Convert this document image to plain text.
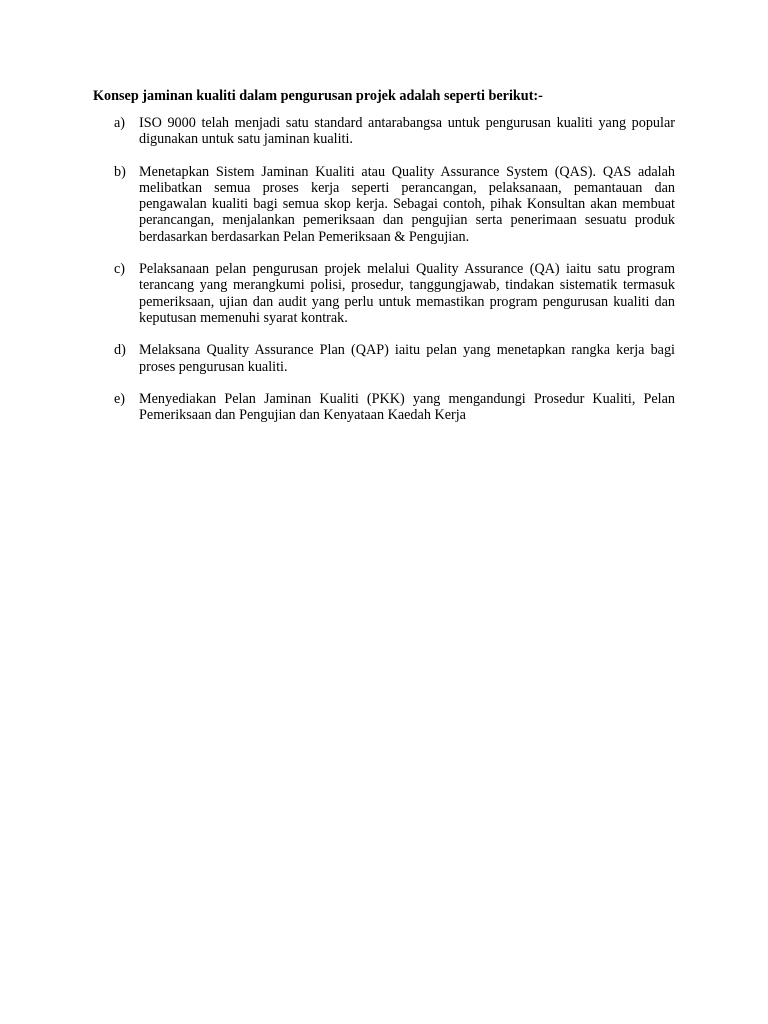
Konsep jaminan kualiti dalam pengurusan projek adalah seperti berikut:-

a) ISO 9000 telah menjadi satu standard antarabangsa untuk pengurusan kualiti yang popular digunakan untuk satu jaminan kualiti.
b) Menetapkan Sistem Jaminan Kualiti atau Quality Assurance System (QAS). QAS adalah melibatkan semua proses kerja seperti perancangan, pelaksanaan, pemantauan dan pengawalan kualiti bagi semua skop kerja. Sebagai contoh, pihak Konsultan akan membuat perancangan, menjalankan pemeriksaan dan pengujian serta penerimaan sesuatu produk berdasarkan berdasarkan Pelan Pemeriksaan & Pengujian.
c) Pelaksanaan pelan pengurusan projek melalui Quality Assurance (QA) iaitu satu program terancang yang merangkumi polisi, prosedur, tanggungjawab, tindakan sistematik termasuk pemeriksaan, ujian dan audit yang perlu untuk memastikan program pengurusan kualiti dan keputusan memenuhi syarat kontrak.
d) Melaksana Quality Assurance Plan (QAP) iaitu pelan yang menetapkan rangka kerja bagi proses pengurusan kualiti.
e) Menyediakan Pelan Jaminan Kualiti (PKK) yang mengandungi Prosedur Kualiti, Pelan Pemeriksaan dan Pengujian dan Kenyataan Kaedah Kerja
